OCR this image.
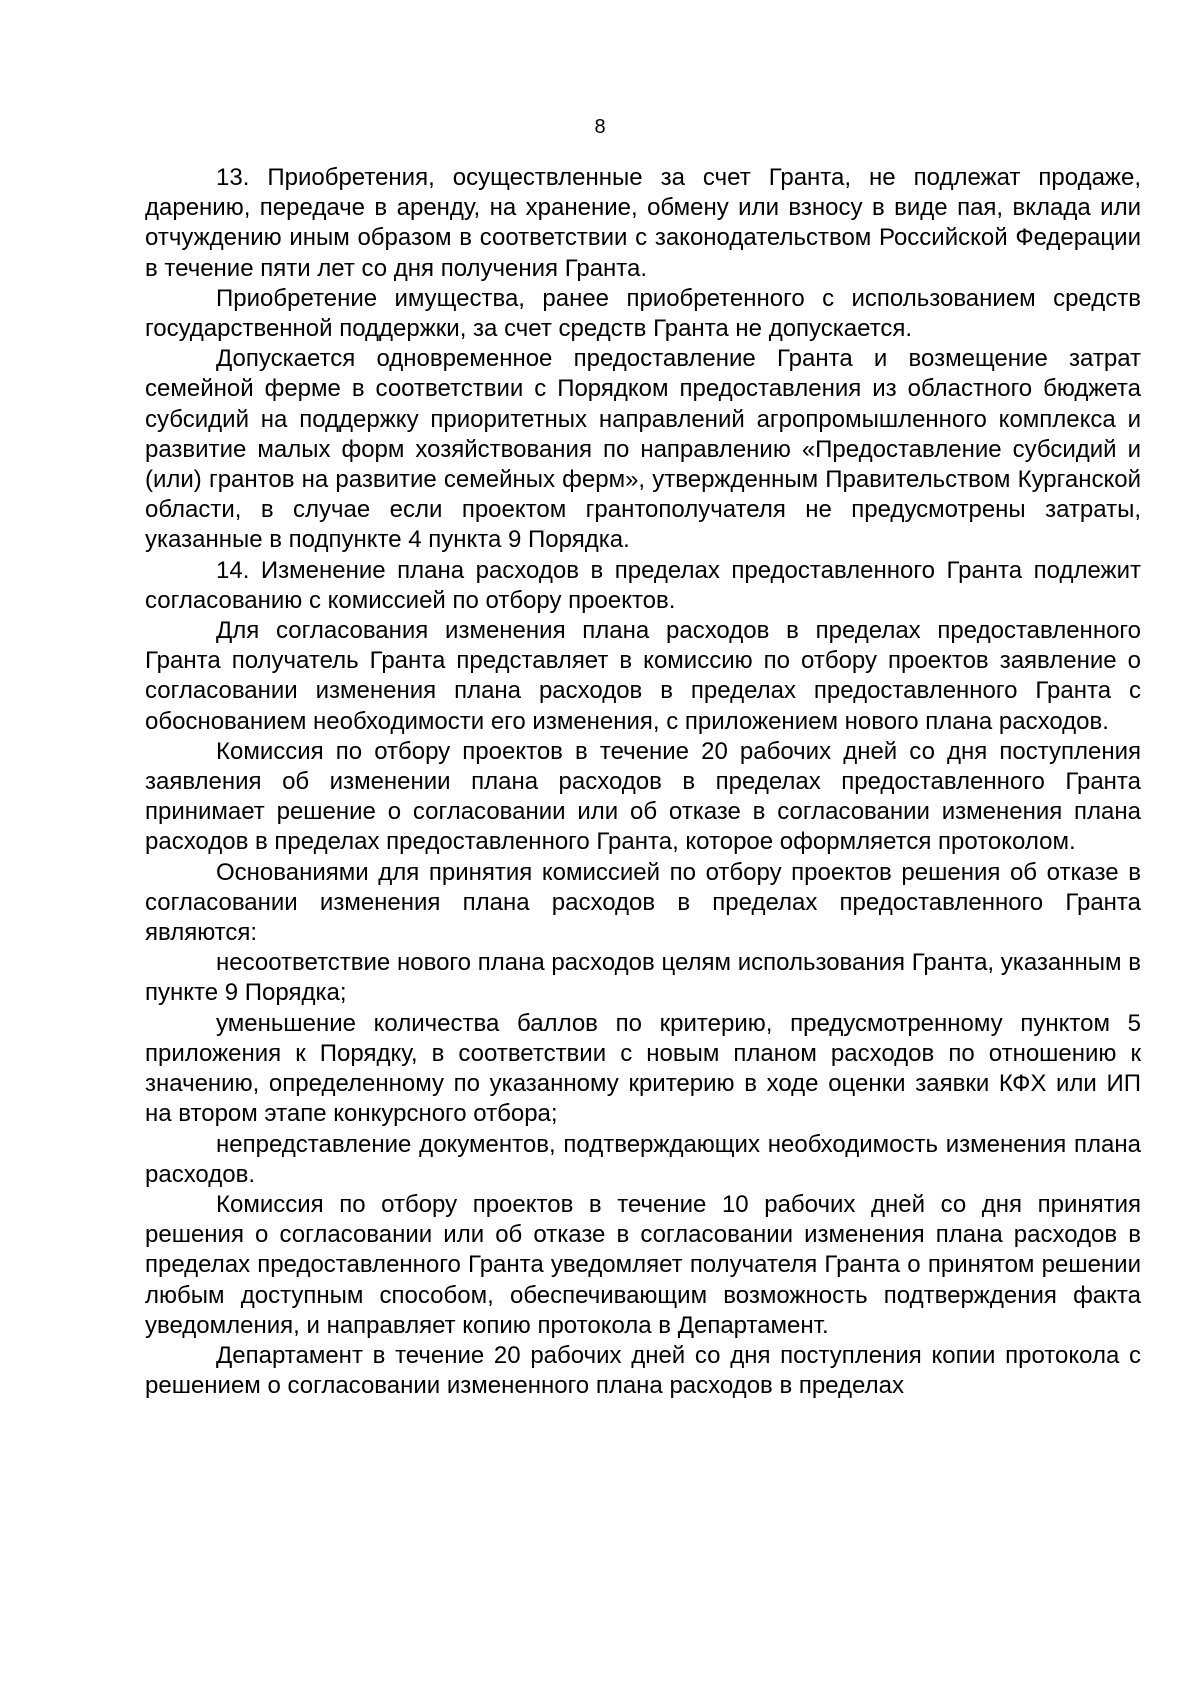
8

13. Приобретения, осуществленные за счет Гранта, не подлежат продаже, дарению, передаче в аренду, на хранение, обмену или взносу в виде пая, вклада или отчуждению иным образом в соответствии с законодательством Российской Федерации в течение пяти лет со дня получения Гранта.

Приобретение имущества, ранее приобретенного с использованием средств государственной поддержки, за счет средств Гранта не допускается.

Допускается одновременное предоставление Гранта и возмещение затрат семейной ферме в соответствии с Порядком предоставления из областного бюджета субсидий на поддержку приоритетных направлений агропромышленного комплекса и развитие малых форм хозяйствования по направлению «Предоставление субсидий и (или) грантов на развитие семейных ферм», утвержденным Правительством Курганской области, в случае если проектом грантополучателя не предусмотрены затраты, указанные в подпункте 4 пункта 9 Порядка.

14. Изменение плана расходов в пределах предоставленного Гранта подлежит согласованию с комиссией по отбору проектов.

Для согласования изменения плана расходов в пределах предоставленного Гранта получатель Гранта представляет в комиссию по отбору проектов заявление о согласовании изменения плана расходов в пределах предоставленного Гранта с обоснованием необходимости его изменения, с приложением нового плана расходов.

Комиссия по отбору проектов в течение 20 рабочих дней со дня поступления заявления об изменении плана расходов в пределах предоставленного Гранта принимает решение о согласовании или об отказе в согласовании изменения плана расходов в пределах предоставленного Гранта, которое оформляется протоколом.

Основаниями для принятия комиссией по отбору проектов решения об отказе в согласовании изменения плана расходов в пределах предоставленного Гранта являются:

несоответствие нового плана расходов целям использования Гранта, указанным в пункте 9 Порядка;

уменьшение количества баллов по критерию, предусмотренному пунктом 5 приложения к Порядку, в соответствии с новым планом расходов по отношению к значению, определенному по указанному критерию в ходе оценки заявки КФХ или ИП на втором этапе конкурсного отбора;

непредставление документов, подтверждающих необходимость изменения плана расходов.

Комиссия по отбору проектов в течение 10 рабочих дней со дня принятия решения о согласовании или об отказе в согласовании изменения плана расходов в пределах предоставленного Гранта уведомляет получателя Гранта о принятом решении любым доступным способом, обеспечивающим возможность подтверждения факта уведомления, и направляет копию протокола в Департамент.

Департамент в течение 20 рабочих дней со дня поступления копии протокола с решением о согласовании измененного плана расходов в пределах
